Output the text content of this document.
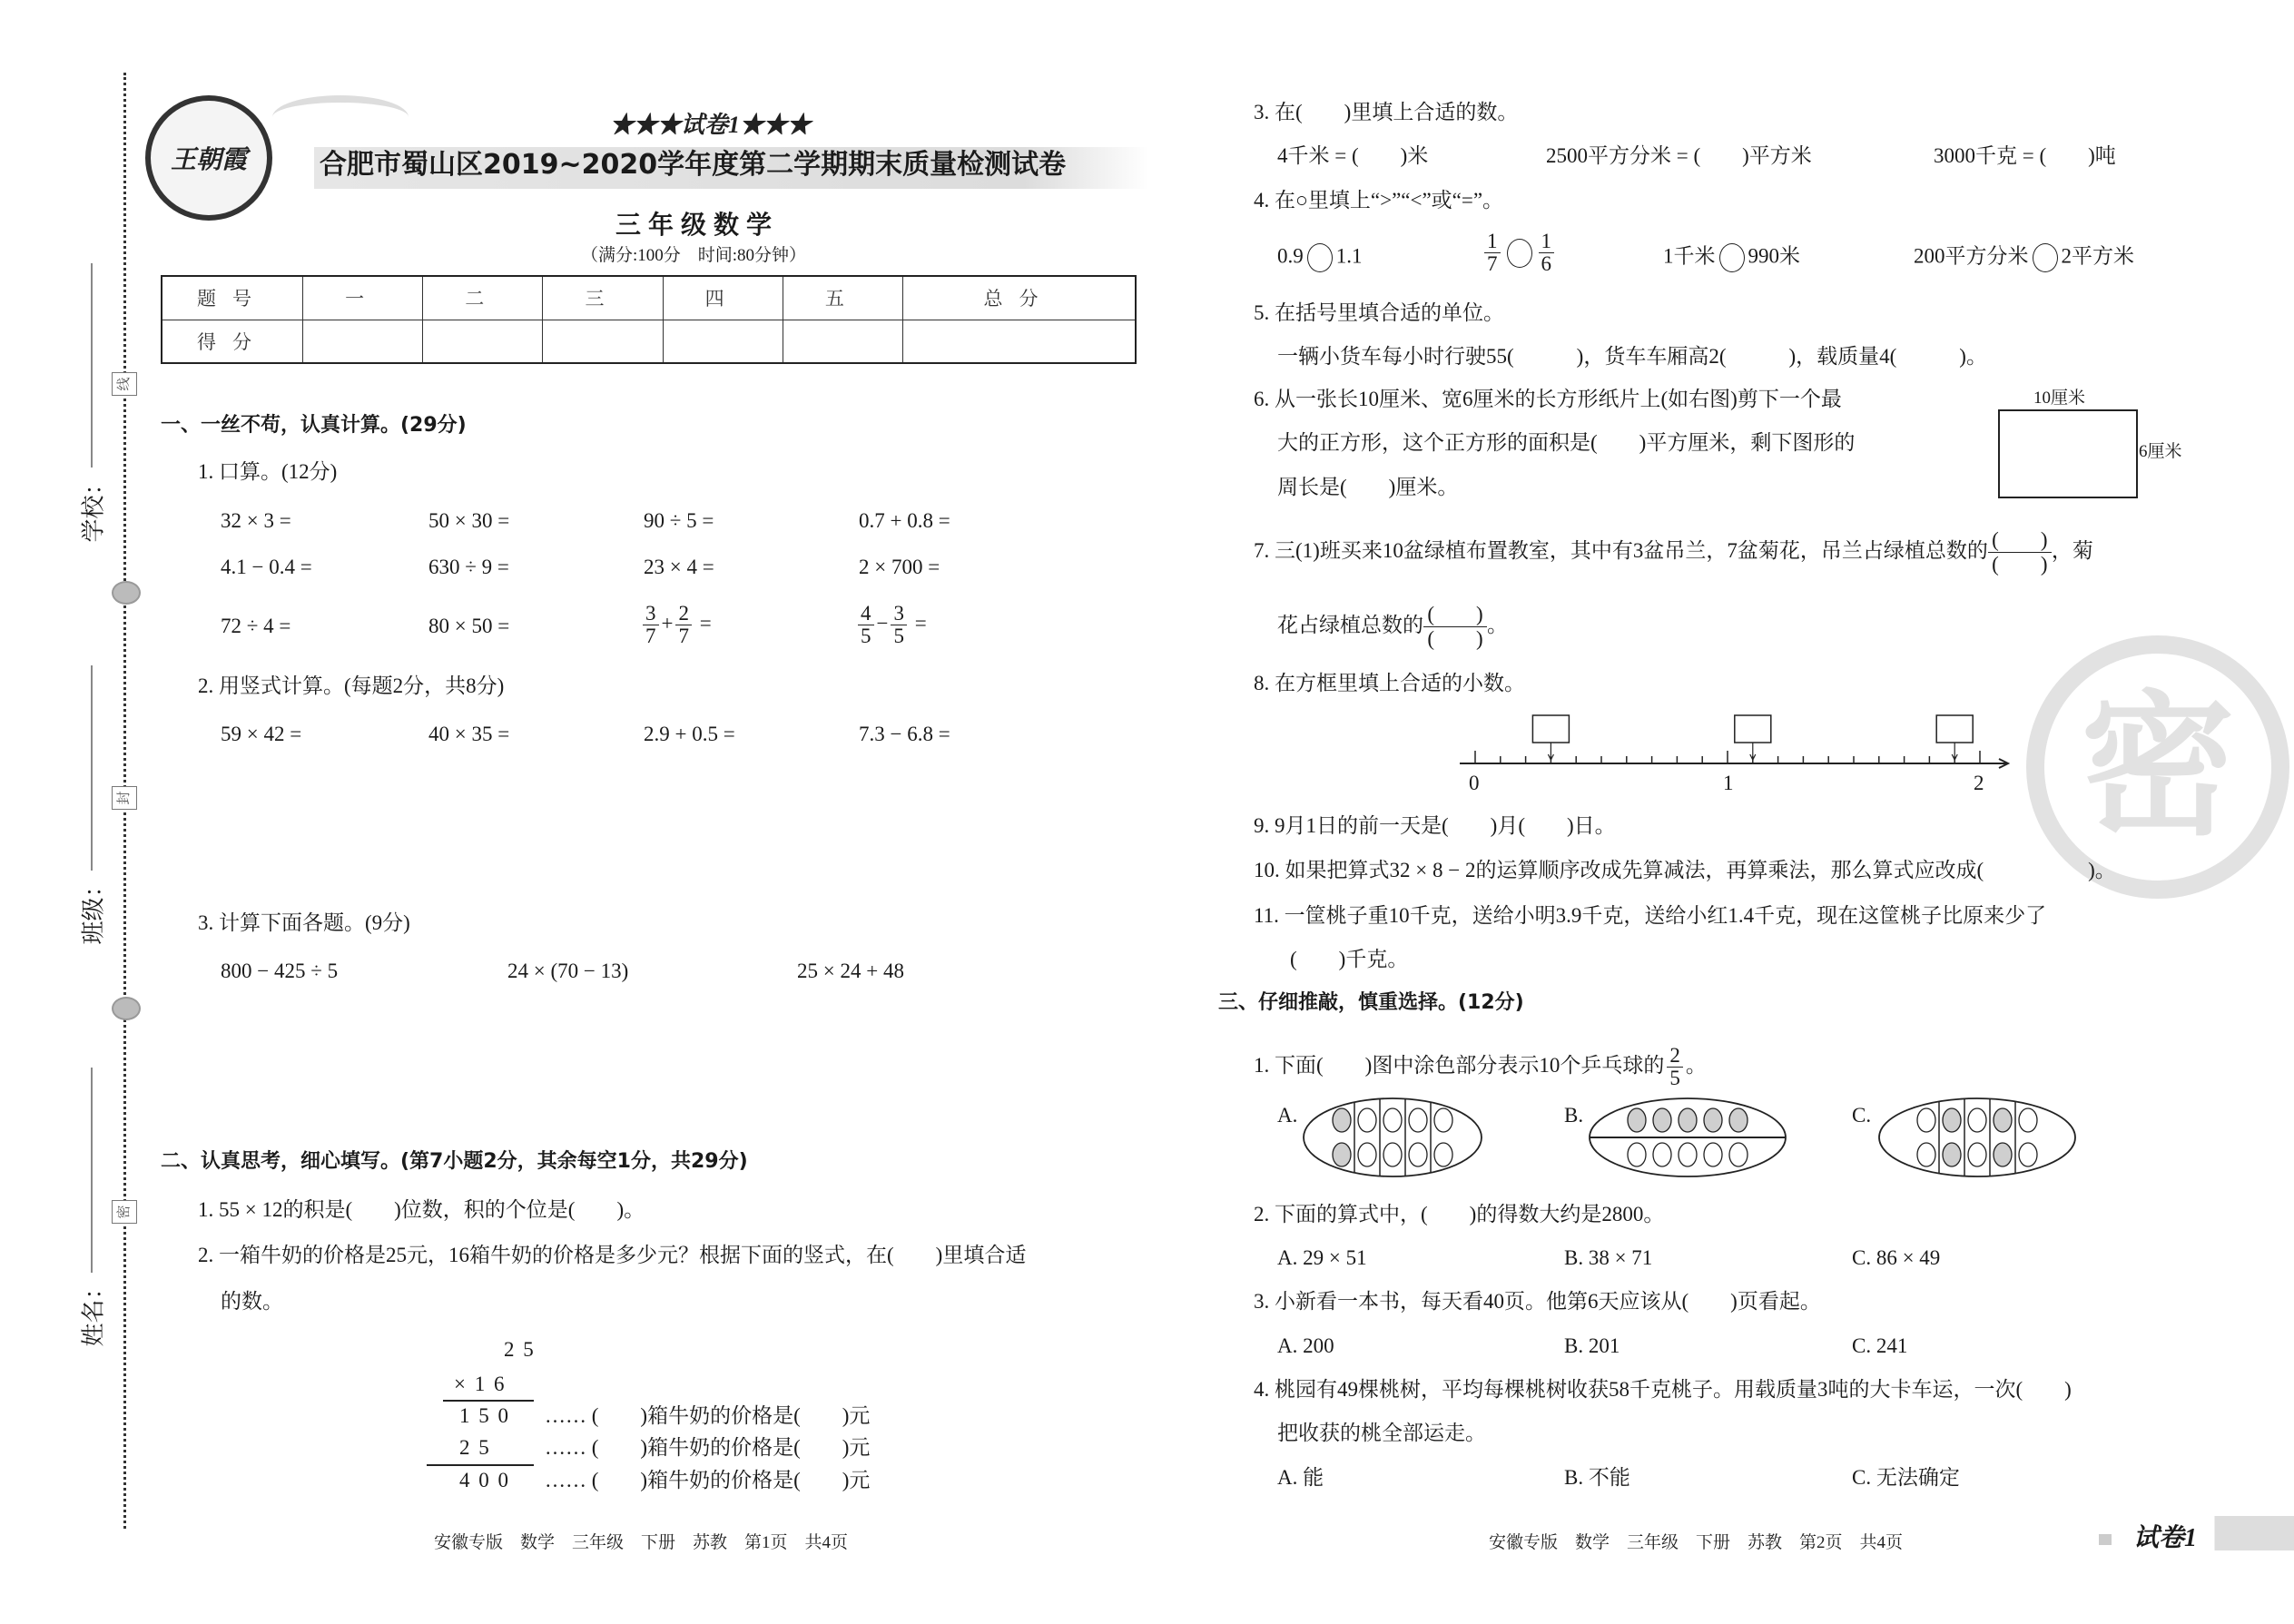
学校：
班级：
姓名：
线
封
密
王朝霞
★★★试卷1★★★
合肥市蜀山区2019~2020学年度第二学期期末质量检测试卷
三年级数学
（满分:100分　时间:80分钟）
题号	一	二	三	四	五	总分
得分						
一、一丝不苟，认真计算。(29分)
1. 口算。(12分)
32 × 3 =	50 × 30 =	90 ÷ 5 =	0.7 + 0.8 =
4.1 − 0.4 =	630 ÷ 9 =	23 × 4 =	2 × 700 =
72 ÷ 4 =	80 × 50 =	$\frac{3}{7} + \frac{2}{7}$ =	$\frac{4}{5} - \frac{3}{5}$ =
2. 用竖式计算。(每题2分，共8分)
59 × 42 =	40 × 35 =	2.9 + 0.5 =	7.3 − 6.8 =
3. 计算下面各题。(9分)
800 − 425 ÷ 5	24 × (70 − 13)	25 × 24 + 48
二、认真思考，细心填写。(第7小题2分，其余每空1分，共29分)
1. 55 × 12的积是(　　)位数，积的个位是(　　)。
2. 一箱牛奶的价格是25元，16箱牛奶的价格是多少元？根据下面的竖式，在(　　)里填合适
的数。
2 5
× 1 6
1 5 0
2 5
4 0 0
…… (　　)箱牛奶的价格是(　　)元
…… (　　)箱牛奶的价格是(　　)元
…… (　　)箱牛奶的价格是(　　)元
安徽专版　数学　三年级　下册　苏教　第1页　共4页
密
3. 在(　　)里填上合适的数。
4千米 = (　　)米	2500平方分米 = (　　)平方米	3000千克 = (　　)吨
4. 在○里填上“>”“<”或“=”。
0.9 1.1	$\frac{1}{7} \frac{1}{6}$	1千米 990米	200平方分米 2平方米
5. 在括号里填合适的单位。
一辆小货车每小时行驶55(　　　)，货车车厢高2(　　　)，载质量4(　　　)。
6. 从一张长10厘米、宽6厘米的长方形纸片上(如右图)剪下一个最
大的正方形，这个正方形的面积是(　　)平方厘米，剩下图形的
周长是(　　)厘米。
10厘米
6厘米
7. 三(1)班买来10盆绿植布置教室，其中有3盆吊兰，7盆菊花，吊兰占绿植总数的 (　　)
(　　)
，菊
花占绿植总数的 (　　)
(　　)
。
8. 在方框里填上合适的小数。
0	1	2
9. 9月1日的前一天是(　　)月(　　)日。
10. 如果把算式32 × 8 − 2的运算顺序改成先算减法，再算乘法，那么算式应改成(　　　　　)。
11. 一筐桃子重10千克，送给小明3.9千克，送给小红1.4千克，现在这筐桃子比原来少了
(　　)千克。
三、仔细推敲，慎重选择。(12分)
1. 下面(　　)图中涂色部分表示10个乒乓球的 $\frac{2}{5}$ 。
A.	B.	C.
2. 下面的算式中，(　　)的得数大约是2800。
A. 29 × 51	B. 38 × 71	C. 86 × 49
3. 小新看一本书，每天看40页。他第6天应该从(　　)页看起。
A. 200	B. 201	C. 241
4. 桃园有49棵桃树，平均每棵桃树收获58千克桃子。用载质量3吨的大卡车运，一次(　　)
把收获的桃全部运走。
A. 能	B. 不能	C. 无法确定
安徽专版　数学　三年级　下册　苏教　第2页　共4页	试卷1
